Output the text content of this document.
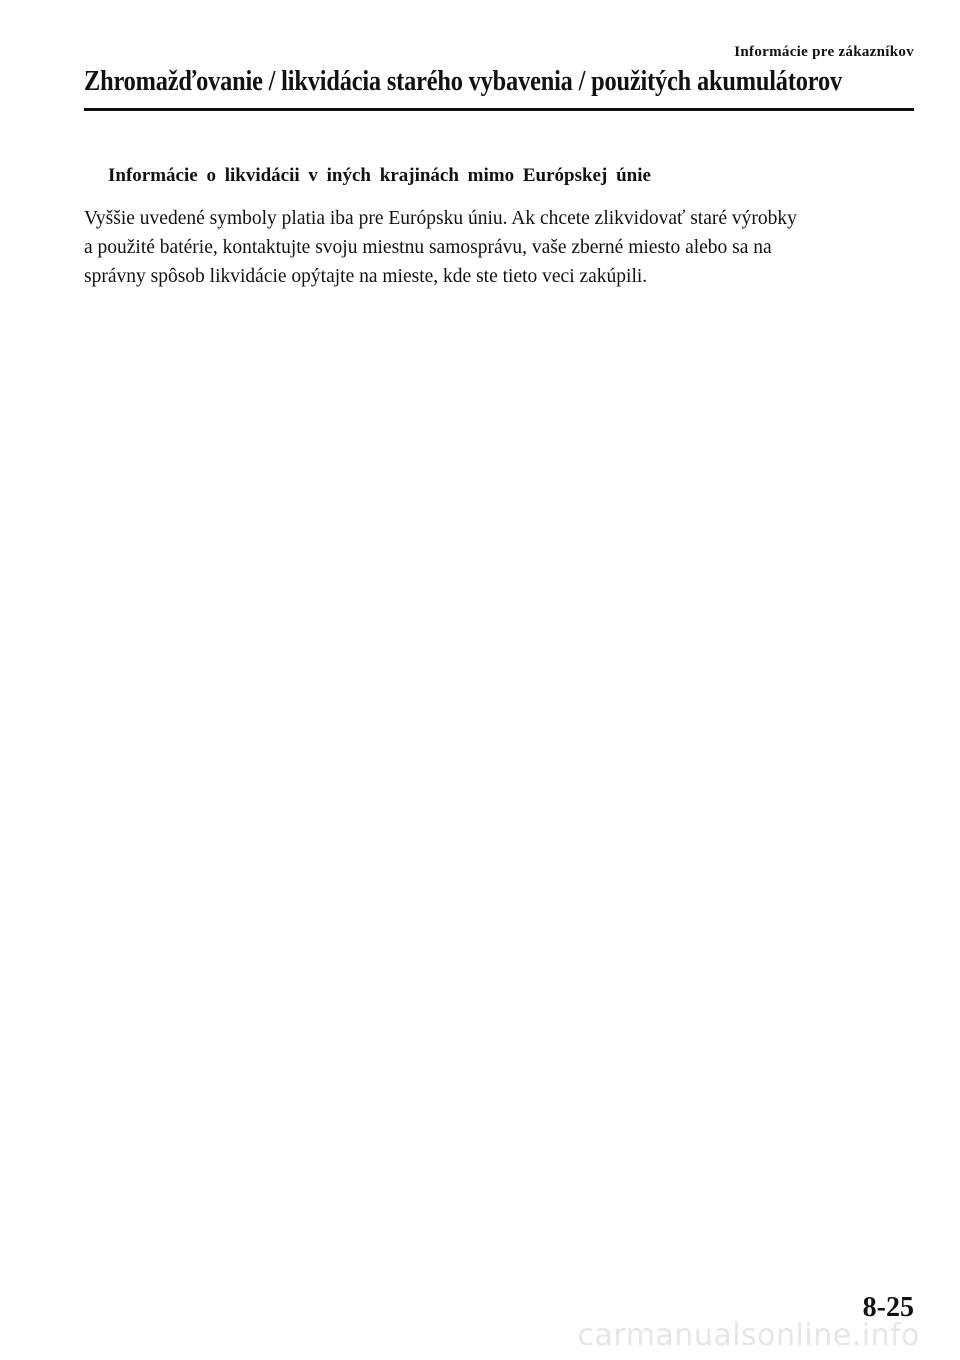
Informácie pre zákazníkov
Zhromažďovanie / likvidácia starého vybavenia / použitých akumulátorov
Informácie o likvidácii v iných krajinách mimo Európskej únie

Vyššie uvedené symboly platia iba pre Európsku úniu. Ak chcete zlikvidovať staré výrobky
a použité batérie, kontaktujte svoju miestnu samosprávu, vaše zberné miesto alebo sa na
správny spôsob likvidácie opýtajte na mieste, kde ste tieto veci zakúpili.

8-25
carmanualsonline.info
